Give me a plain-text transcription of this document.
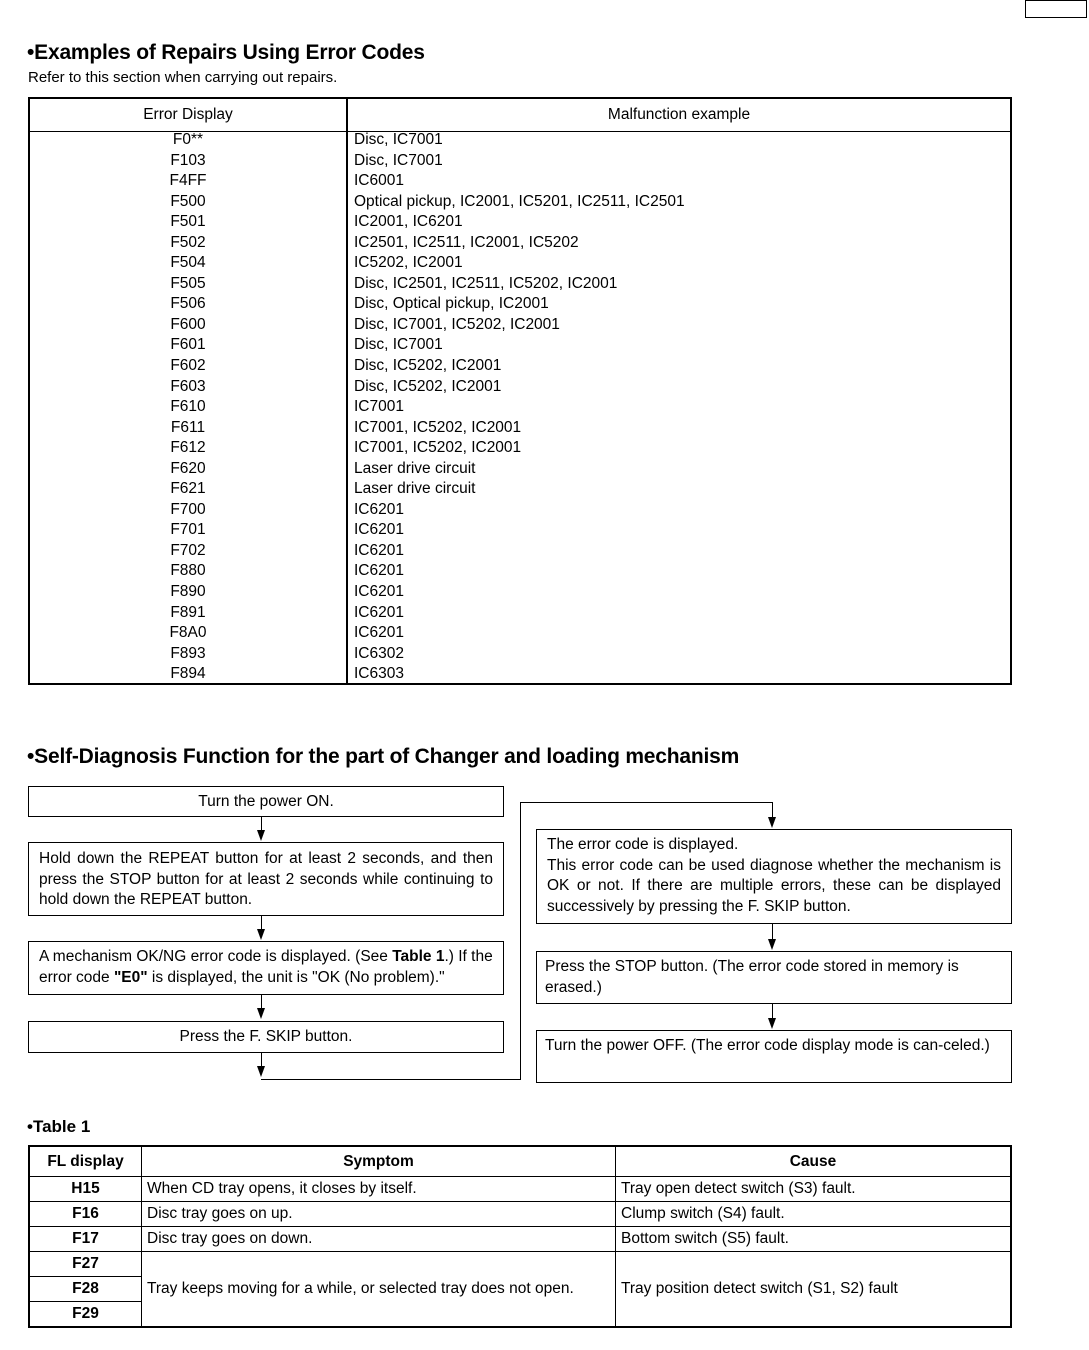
•Examples of Repairs Using Error Codes
Refer to this section when carrying out repairs.
Error Display	Malfunction example
F0**	Disc, IC7001
F103	Disc, IC7001
F4FF	IC6001
F500	Optical pickup, IC2001, IC5201, IC2511, IC2501
F501	IC2001, IC6201
F502	IC2501, IC2511, IC2001, IC5202
F504	IC5202, IC2001
F505	Disc, IC2501, IC2511, IC5202, IC2001
F506	Disc, Optical pickup, IC2001
F600	Disc, IC7001, IC5202, IC2001
F601	Disc, IC7001
F602	Disc, IC5202, IC2001
F603	Disc, IC5202, IC2001
F610	IC7001
F611	IC7001, IC5202, IC2001
F612	IC7001, IC5202, IC2001
F620	Laser drive circuit
F621	Laser drive circuit
F700	IC6201
F701	IC6201
F702	IC6201
F880	IC6201
F890	IC6201
F891	IC6201
F8A0	IC6201
F893	IC6302
F894	IC6303
•Self-Diagnosis Function for the part of Changer and loading mechanism
Turn the power ON.
Hold down the REPEAT button for at least 2 seconds, and then press the STOP button for at least 2 seconds while continuing to hold down the REPEAT button.
A mechanism OK/NG error code is displayed. (See Table 1.) If the error code "E0" is displayed, the unit is "OK (No problem)."
Press the F. SKIP button.
The error code is displayed.
This error code can be used diagnose whether the mechanism is OK or not. If there are multiple errors, these can be displayed successively by pressing the F. SKIP button.
Press the STOP button. (The error code stored in memory is erased.)
Turn the power OFF. (The error code display mode is can-celed.)
•Table 1
FL display	Symptom	Cause
H15	When CD tray opens, it closes by itself.	Tray open detect switch (S3) fault.
F16	Disc tray goes on up.	Clump switch (S4) fault.
F17	Disc tray goes on down.	Bottom switch (S5) fault.
F27	Tray keeps moving for a while, or selected tray does not open.	Tray position detect switch (S1, S2) fault
F28		
F29		
